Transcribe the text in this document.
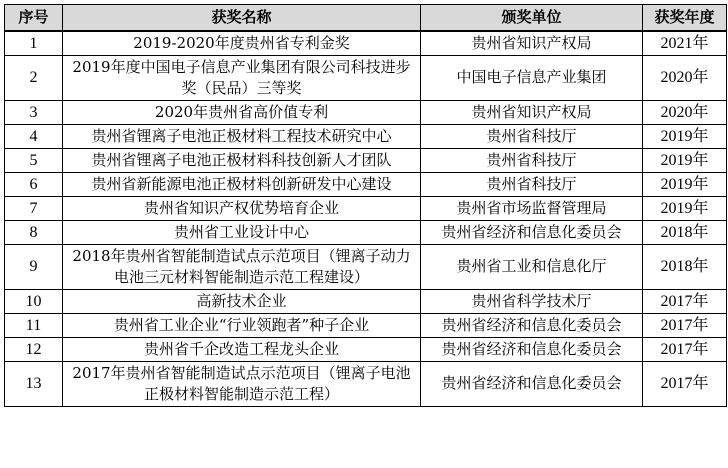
序号	获奖名称	颁奖单位	获奖年度
1	2019-2020年度贵州省专利金奖	贵州省知识产权局	2021年
2	2019年度中国电子信息产业集团有限公司科技进步奖（民品）三等奖	中国电子信息产业集团	2020年
3	2020年贵州省高价值专利	贵州省知识产权局	2020年
4	贵州省锂离子电池正极材料工程技术研究中心	贵州省科技厅	2019年
5	贵州省锂离子电池正极材料科技创新人才团队	贵州省科技厅	2019年
6	贵州省新能源电池正极材料创新研发中心建设	贵州省科技厅	2019年
7	贵州省知识产权优势培育企业	贵州省市场监督管理局	2019年
8	贵州省工业设计中心	贵州省经济和信息化委员会	2018年
9	2018年贵州省智能制造试点示范项目（锂离子动力电池三元材料智能制造示范工程建设）	贵州省工业和信息化厅	2018年
10	高新技术企业	贵州省科学技术厅	2017年
11	贵州省工业企业“行业领跑者”种子企业	贵州省经济和信息化委员会	2017年
12	贵州省千企改造工程龙头企业	贵州省经济和信息化委员会	2017年
13	2017年贵州省智能制造试点示范项目（锂离子电池正极材料智能制造示范工程）	贵州省经济和信息化委员会	2017年
